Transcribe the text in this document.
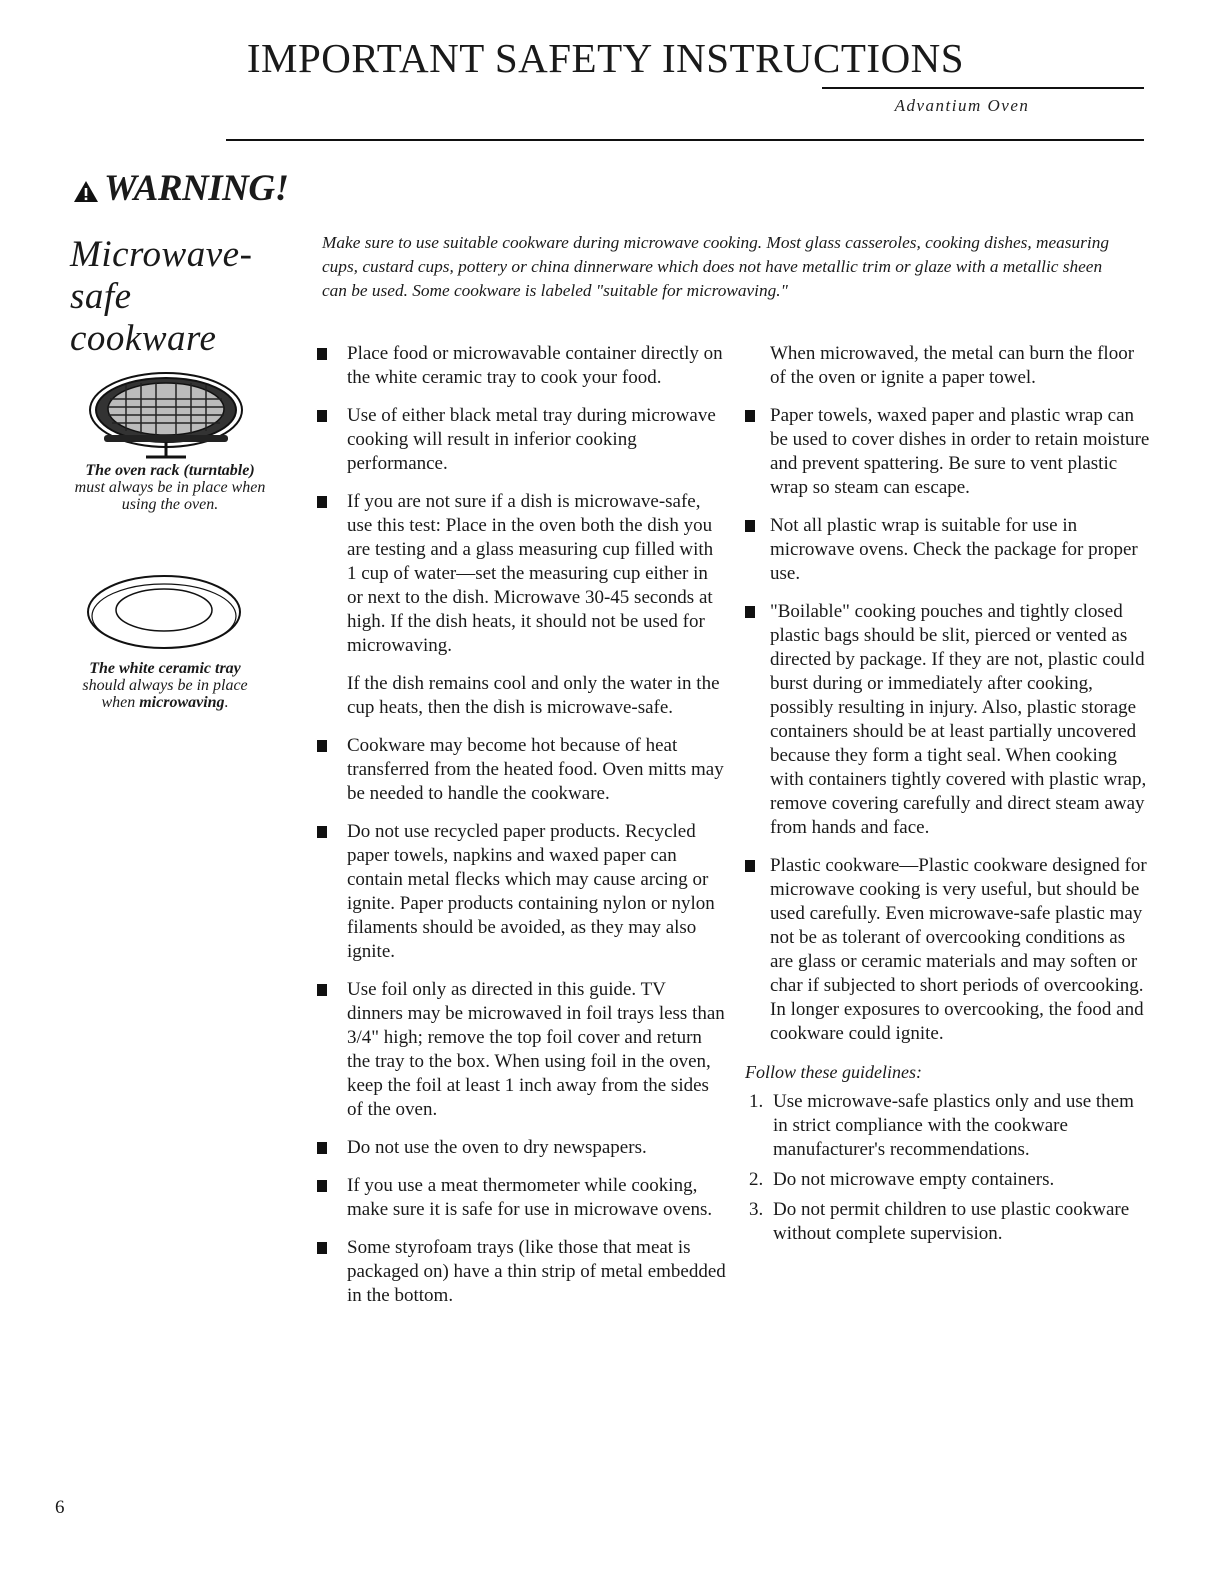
IMPORTANT SAFETY INSTRUCTIONS
Advantium Oven
WARNING!
Microwave-
safe
cookware
The oven rack (turntable) must always be in place when using the oven.
The white ceramic tray should always be in place when microwaving.
Make sure to use suitable cookware during microwave cooking. Most glass casseroles, cooking dishes, measuring cups, custard cups, pottery or china dinnerware which does not have metallic trim or glaze with a metallic sheen can be used. Some cookware is labeled "suitable for microwaving."

Place food or microwavable container directly on the white ceramic tray to cook your food.

Use of either black metal tray during microwave cooking will result in inferior cooking performance.

If you are not sure if a dish is microwave-safe, use this test: Place in the oven both the dish you are testing and a glass measuring cup filled with 1 cup of water—set the measuring cup either in or next to the dish. Microwave 30-45 seconds at high. If the dish heats, it should not be used for microwaving.

If the dish remains cool and only the water in the cup heats, then the dish is microwave-safe.

Cookware may become hot because of heat transferred from the heated food. Oven mitts may be needed to handle the cookware.

Do not use recycled paper products. Recycled paper towels, napkins and waxed paper can contain metal flecks which may cause arcing or ignite. Paper products containing nylon or nylon filaments should be avoided, as they may also ignite.

Use foil only as directed in this guide. TV dinners may be microwaved in foil trays less than 3/4" high; remove the top foil cover and return the tray to the box. When using foil in the oven, keep the foil at least 1 inch away from the sides of the oven.

Do not use the oven to dry newspapers.

If you use a meat thermometer while cooking, make sure it is safe for use in microwave ovens.

Some styrofoam trays (like those that meat is packaged on) have a thin strip of metal embedded in the bottom.

When microwaved, the metal can burn the floor of the oven or ignite a paper towel.

Paper towels, waxed paper and plastic wrap can be used to cover dishes in order to retain moisture and prevent spattering. Be sure to vent plastic wrap so steam can escape.

Not all plastic wrap is suitable for use in microwave ovens. Check the package for proper use.

"Boilable" cooking pouches and tightly closed plastic bags should be slit, pierced or vented as directed by package. If they are not, plastic could burst during or immediately after cooking, possibly resulting in injury. Also, plastic storage containers should be at least partially uncovered because they form a tight seal. When cooking with containers tightly covered with plastic wrap, remove covering carefully and direct steam away from hands and face.

Plastic cookware—Plastic cookware designed for microwave cooking is very useful, but should be used carefully. Even microwave-safe plastic may not be as tolerant of overcooking conditions as are glass or ceramic materials and may soften or char if subjected to short periods of overcooking. In longer exposures to overcooking, the food and cookware could ignite.

Follow these guidelines:

1. Use microwave-safe plastics only and use them in strict compliance with the cookware manufacturer's recommendations.
2. Do not microwave empty containers.
3. Do not permit children to use plastic cookware without complete supervision.
6
